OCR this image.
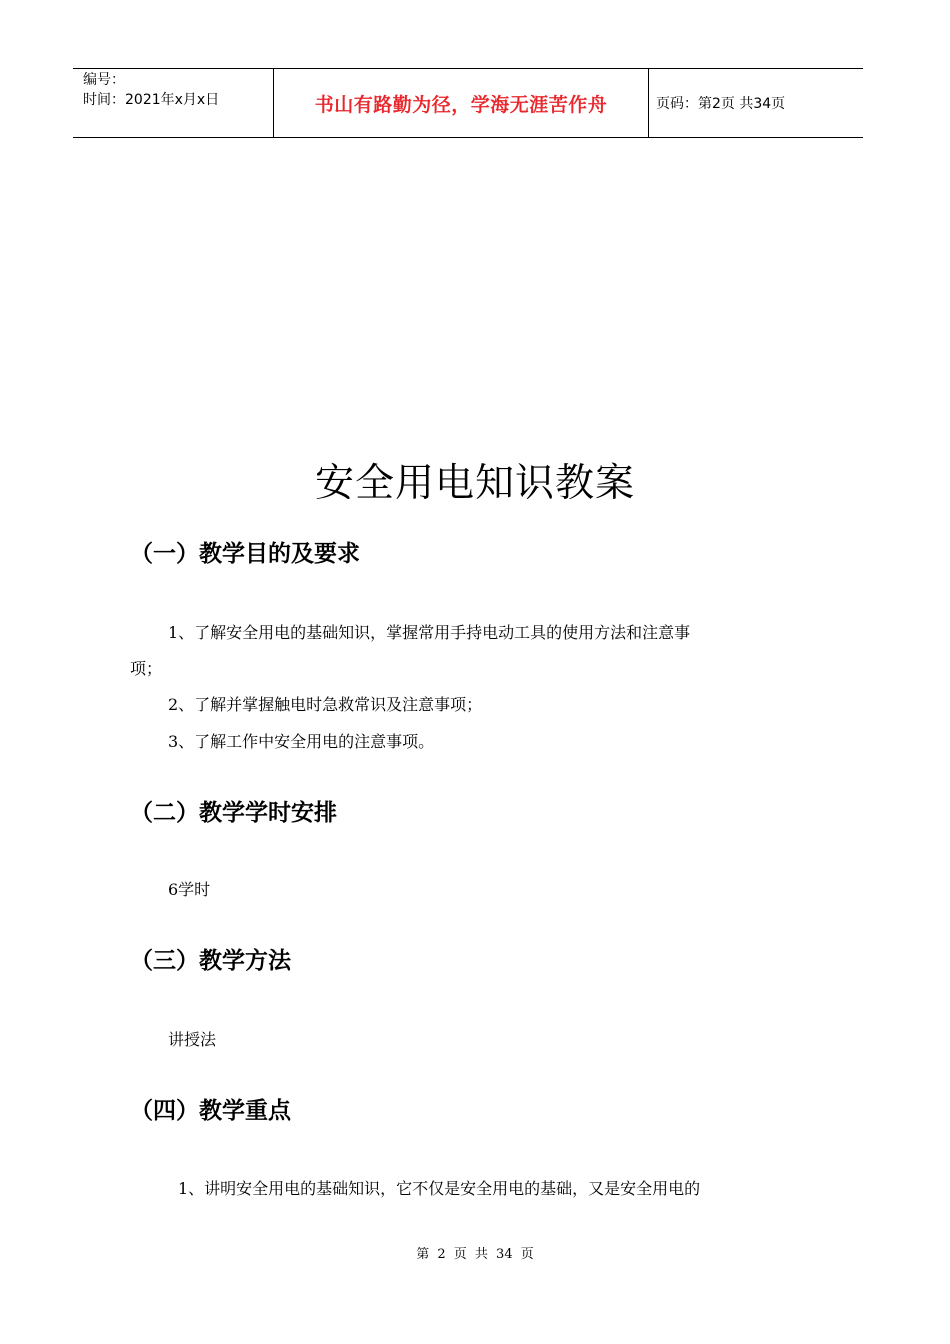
编号：
时间：2021年x月x日	书山有路勤为径，学海无涯苦作舟	页码：第2页 共34页
安全用电知识教案
（一）教学目的及要求
1、了解安全用电的基础知识，掌握常用手持电动工具的使用方法和注意事
项；
2、了解并掌握触电时急救常识及注意事项；
3、了解工作中安全用电的注意事项。
（二）教学学时安排
6学时
（三）教学方法
讲授法
（四）教学重点
1、讲明安全用电的基础知识，它不仅是安全用电的基础，又是安全用电的
第 2 页 共 34 页
